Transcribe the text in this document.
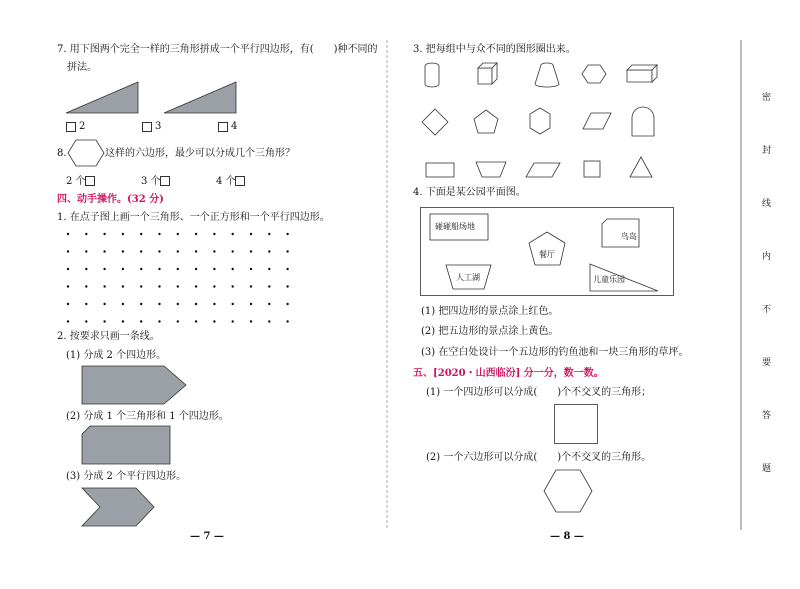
7. 用下图两个完全一样的三角形拼成一个平行四边形，有(　　)种不同的
拼法。
2	3	4
8.	这样的六边形，最少可以分成几个三角形？
2 个	3 个	4 个
四、动手操作。(32 分)
1. 在点子图上画一个三角形、一个正方形和一个平行四边形。
2. 按要求只画一条线。
(1) 分成 2 个四边形。
(2) 分成 1 个三角形和 1 个四边形。
(3) 分成 2 个平行四边形。
— 7 —
3. 把每组中与众不同的图形圈出来。
4. 下面是某公园平面图。
碰碰船场地
鸟岛
餐厅
人工湖	儿童乐园
(1) 把四边形的景点涂上红色。
(2) 把五边形的景点涂上黄色。
(3) 在空白处设计一个五边形的钓鱼池和一块三角形的草坪。
五、[2020・山西临汾] 分一分，数一数。
(1) 一个四边形可以分成(　　)个不交叉的三角形；
(2) 一个六边形可以分成(　　)个不交叉的三角形。
— 8 —
密
封
线
内
不
要
答
题
